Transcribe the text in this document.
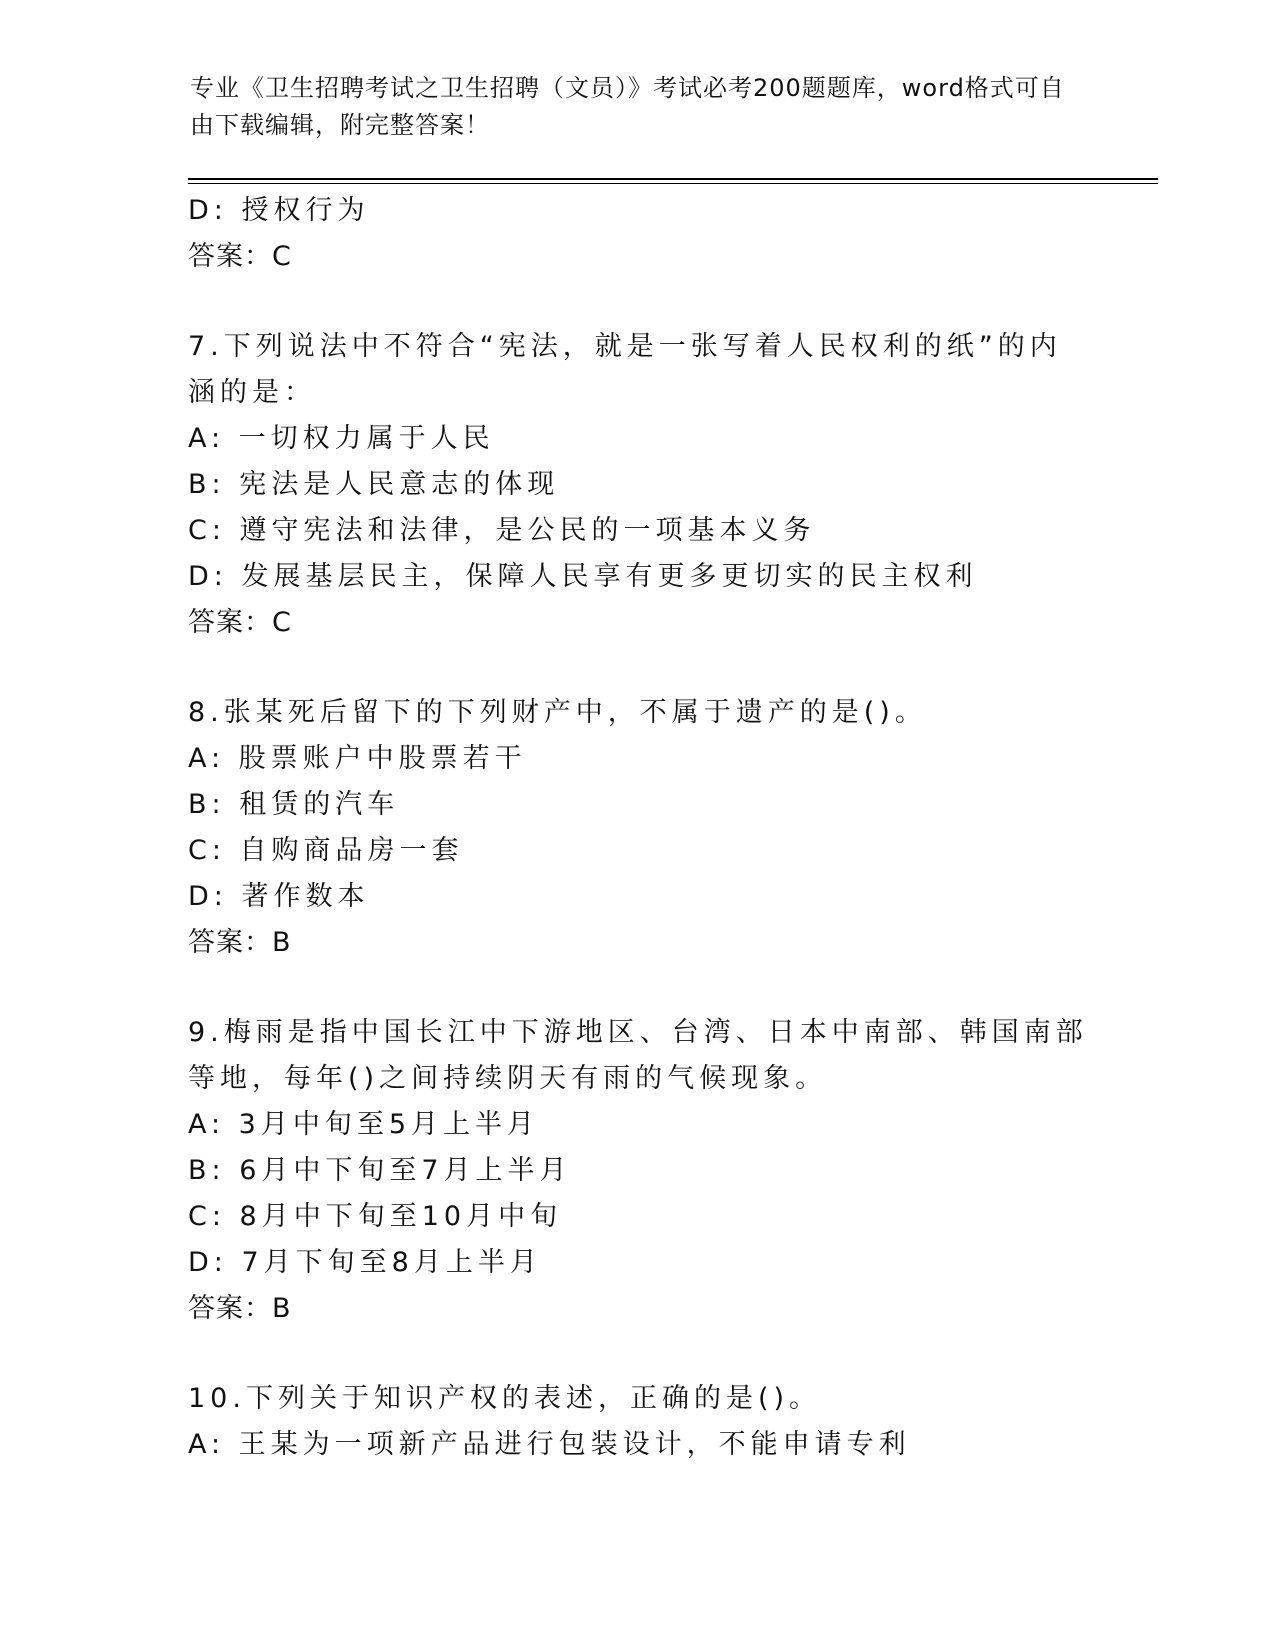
专业《卫生招聘考试之卫生招聘（文员）》考试必考200题题库，word格式可自由下载编辑，附完整答案！
D: 授权行为
答案：C
7.下列说法中不符合“宪法，就是一张写着人民权利的纸”的内涵的是：
A: 一切权力属于人民
B: 宪法是人民意志的体现
C: 遵守宪法和法律，是公民的一项基本义务
D: 发展基层民主，保障人民享有更多更切实的民主权利
答案：C
8.张某死后留下的下列财产中，不属于遗产的是()。
A: 股票账户中股票若干
B: 租赁的汽车
C: 自购商品房一套
D: 著作数本
答案：B
9.梅雨是指中国长江中下游地区、台湾、日本中南部、韩国南部等地，每年()之间持续阴天有雨的气候现象。
A: 3月中旬至5月上半月
B: 6月中下旬至7月上半月
C: 8月中下旬至10月中旬
D: 7月下旬至8月上半月
答案：B
10.下列关于知识产权的表述，正确的是()。
A: 王某为一项新产品进行包装设计，不能申请专利
